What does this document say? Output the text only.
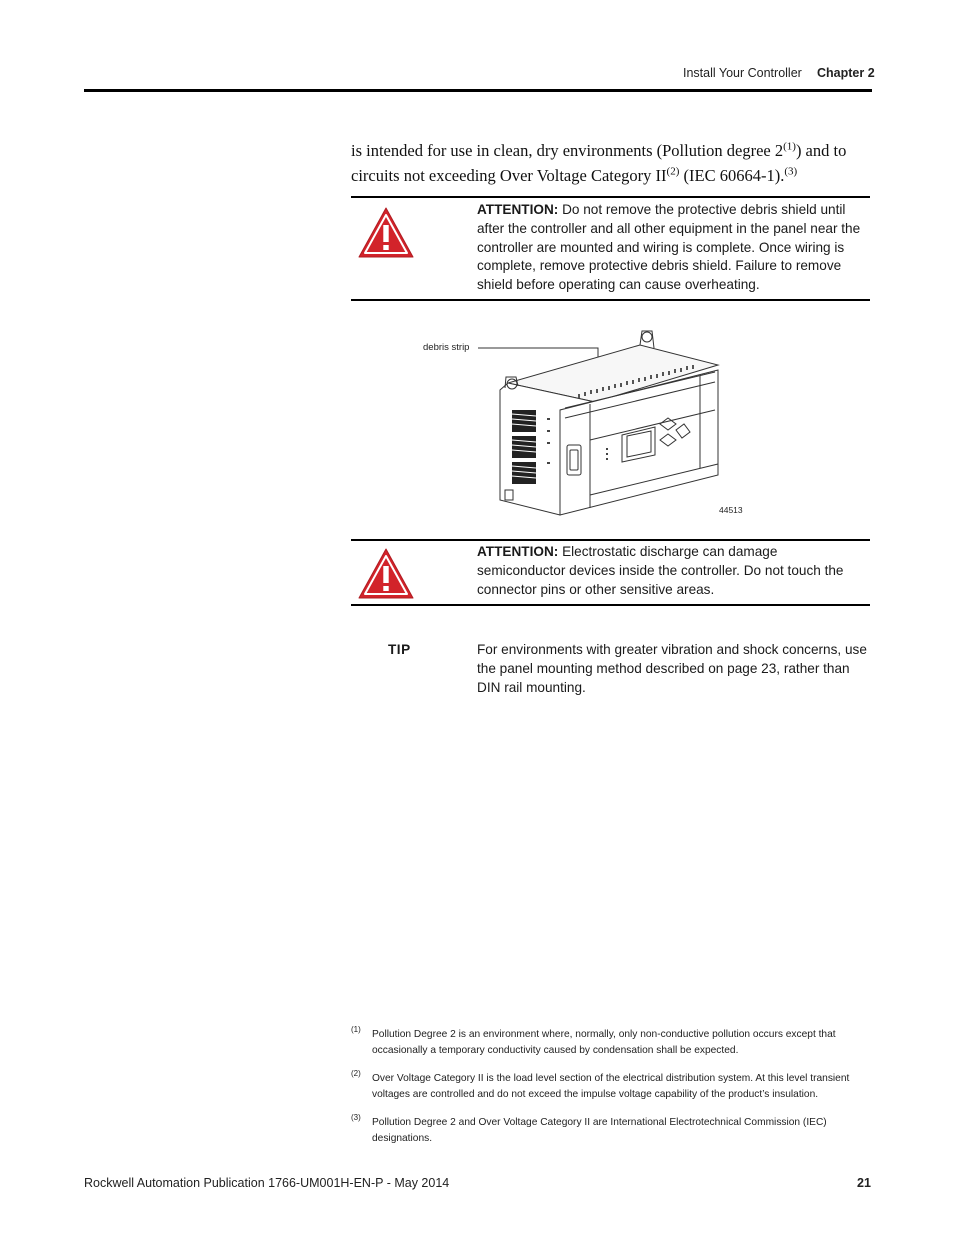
Install Your Controller Chapter 2
is intended for use in clean, dry environments (Pollution degree 2$^{(1)}$) and to circuits not exceeding Over Voltage Category II$^{(2)}$ (IEC 60664-1).$^{(3)}$
ATTENTION: Do not remove the protective debris shield until after the controller and all other equipment in the panel near the controller are mounted and wiring is complete. Once wiring is complete, remove protective debris shield. Failure to remove shield before operating can cause overheating.
debris strip
44513
ATTENTION: Electrostatic discharge can damage semiconductor devices inside the controller. Do not touch the connector pins or other sensitive areas.
TIP	For environments with greater vibration and shock concerns, use the panel mounting method described on page 23, rather than DIN rail mounting.
(1) Pollution Degree 2 is an environment where, normally, only non-conductive pollution occurs except that occasionally a temporary conductivity caused by condensation shall be expected.
(2) Over Voltage Category II is the load level section of the electrical distribution system. At this level transient voltages are controlled and do not exceed the impulse voltage capability of the product’s insulation.
(3) Pollution Degree 2 and Over Voltage Category II are International Electrotechnical Commission (IEC) designations.
Rockwell Automation Publication 1766-UM001H-EN-P - May 2014	21
